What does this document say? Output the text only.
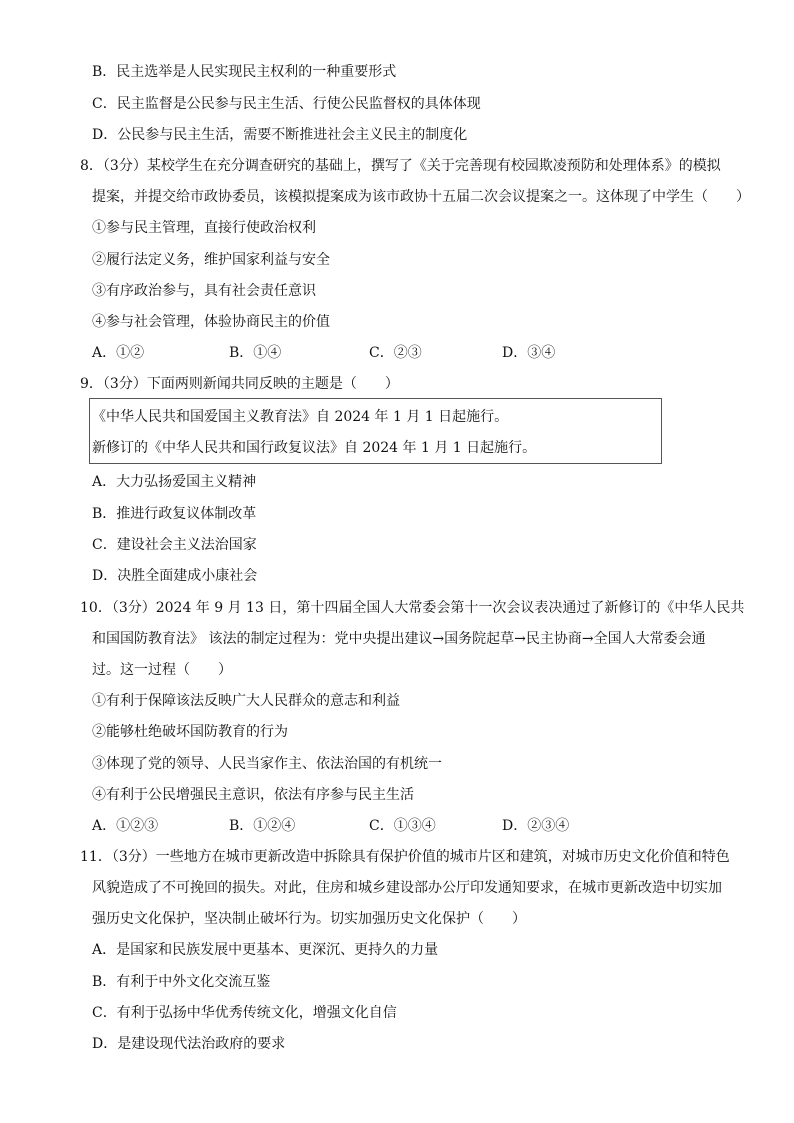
B．民主选举是人民实现民主权利的一种重要形式
C．民主监督是公民参与民主生活、行使公民监督权的具体体现
D．公民参与民主生活，需要不断推进社会主义民主的制度化
8．（3分）某校学生在充分调查研究的基础上，撰写了《关于完善现有校园欺凌预防和处理体系》的模拟
提案，并提交给市政协委员，该模拟提案成为该市政协十五届二次会议提案之一。这体现了中学生（　　）
①参与民主管理，直接行使政治权利
②履行法定义务，维护国家利益与安全
③有序政治参与，具有社会责任意识
④参与社会管理，体验协商民主的价值
A．①②	B．①④	C．②③	D．③④
9．（3分）下面两则新闻共同反映的主题是（　　）
《中华人民共和国爱国主义教育法》自 2024 年 1 月 1 日起施行。
新修订的《中华人民共和国行政复议法》自 2024 年 1 月 1 日起施行。
A．大力弘扬爱国主义精神
B．推进行政复议体制改革
C．建设社会主义法治国家
D．决胜全面建成小康社会
10．（3分）2024 年 9 月 13 日，第十四届全国人大常委会第十一次会议表决通过了新修订的《中华人民共
和国国防教育法》 该法的制定过程为：党中央提出建议→国务院起草→民主协商→全国人大常委会通
过。这一过程（　　）
①有利于保障该法反映广大人民群众的意志和利益
②能够杜绝破坏国防教育的行为
③体现了党的领导、人民当家作主、依法治国的有机统一
④有利于公民增强民主意识，依法有序参与民主生活
A．①②③	B．①②④	C．①③④	D．②③④
11．（3分）一些地方在城市更新改造中拆除具有保护价值的城市片区和建筑，对城市历史文化价值和特色
风貌造成了不可挽回的损失。对此，住房和城乡建设部办公厅印发通知要求，在城市更新改造中切实加
强历史文化保护，坚决制止破坏行为。切实加强历史文化保护（　　）
A．是国家和民族发展中更基本、更深沉、更持久的力量
B．有利于中外文化交流互鉴
C．有利于弘扬中华优秀传统文化，增强文化自信
D．是建设现代法治政府的要求
